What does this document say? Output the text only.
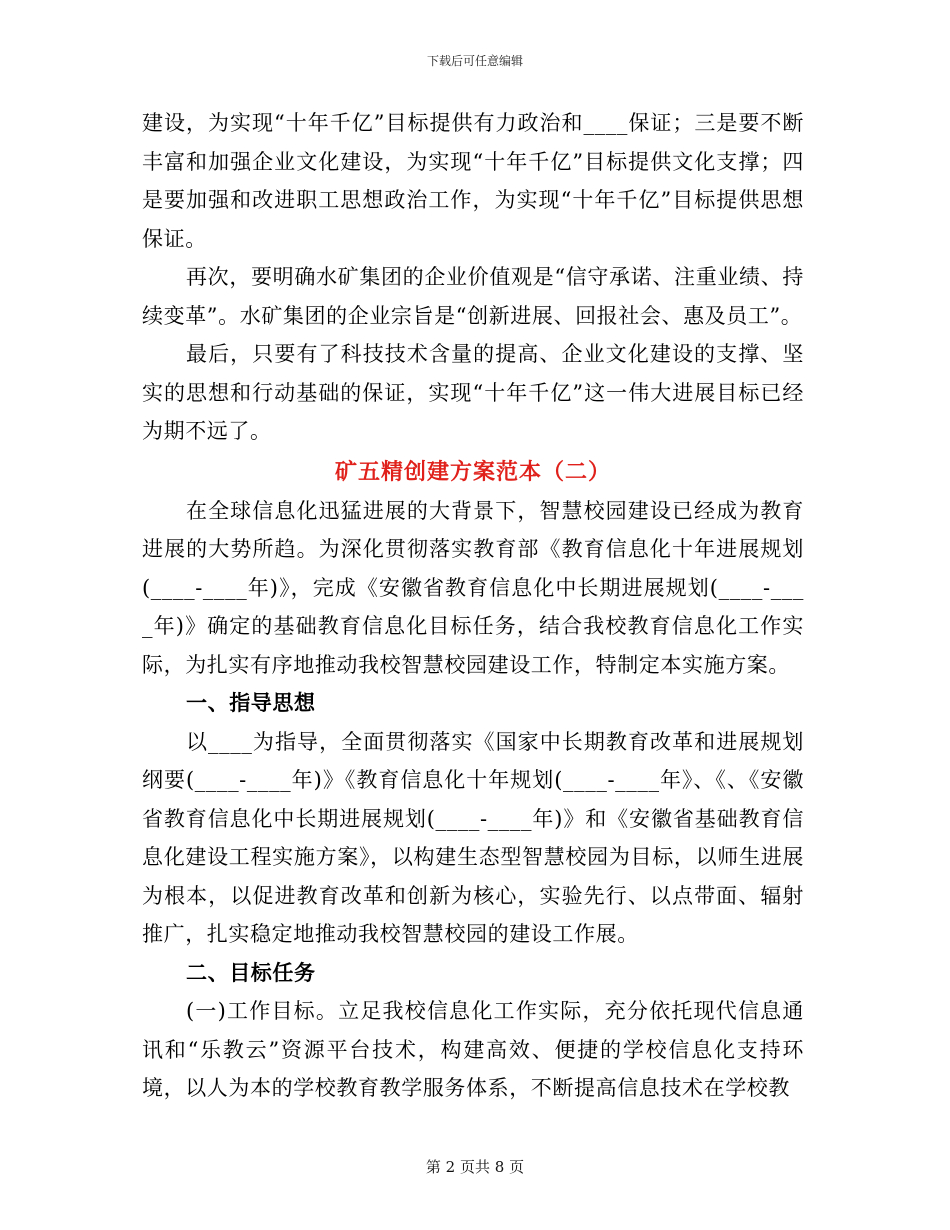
下载后可任意编辑

建设，为实现“十年千亿”目标提供有力政治和____保证；三是要不断丰富和加强企业文化建设，为实现“十年千亿”目标提供文化支撑；四是要加强和改进职工思想政治工作，为实现“十年千亿”目标提供思想保证。

再次，要明确水矿集团的企业价值观是“信守承诺、注重业绩、持续变革”。水矿集团的企业宗旨是“创新进展、回报社会、惠及员工”。

最后，只要有了科技技术含量的提高、企业文化建设的支撑、坚实的思想和行动基础的保证，实现“十年千亿”这一伟大进展目标已经为期不远了。

矿五精创建方案范本（二）

在全球信息化迅猛进展的大背景下，智慧校园建设已经成为教育进展的大势所趋。为深化贯彻落实教育部《教育信息化十年进展规划(____-____年)》，完成《安徽省教育信息化中长期进展规划(____-____年)》确定的基础教育信息化目标任务，结合我校教育信息化工作实际，为扎实有序地推动我校智慧校园建设工作，特制定本实施方案。

一、指导思想

以____为指导，全面贯彻落实《国家中长期教育改革和进展规划纲要(____-____年)》《教育信息化十年规划(____-____年》、《、《安徽省教育信息化中长期进展规划(____-____年)》和《安徽省基础教育信息化建设工程实施方案》，以构建生态型智慧校园为目标，以师生进展为根本，以促进教育改革和创新为核心，实验先行、以点带面、辐射推广，扎实稳定地推动我校智慧校园的建设工作展。

二、目标任务

(一)工作目标。立足我校信息化工作实际，充分依托现代信息通讯和“乐教云”资源平台技术，构建高效、便捷的学校信息化支持环境，以人为本的学校教育教学服务体系，不断提高信息技术在学校教

第 2 页共 8 页
